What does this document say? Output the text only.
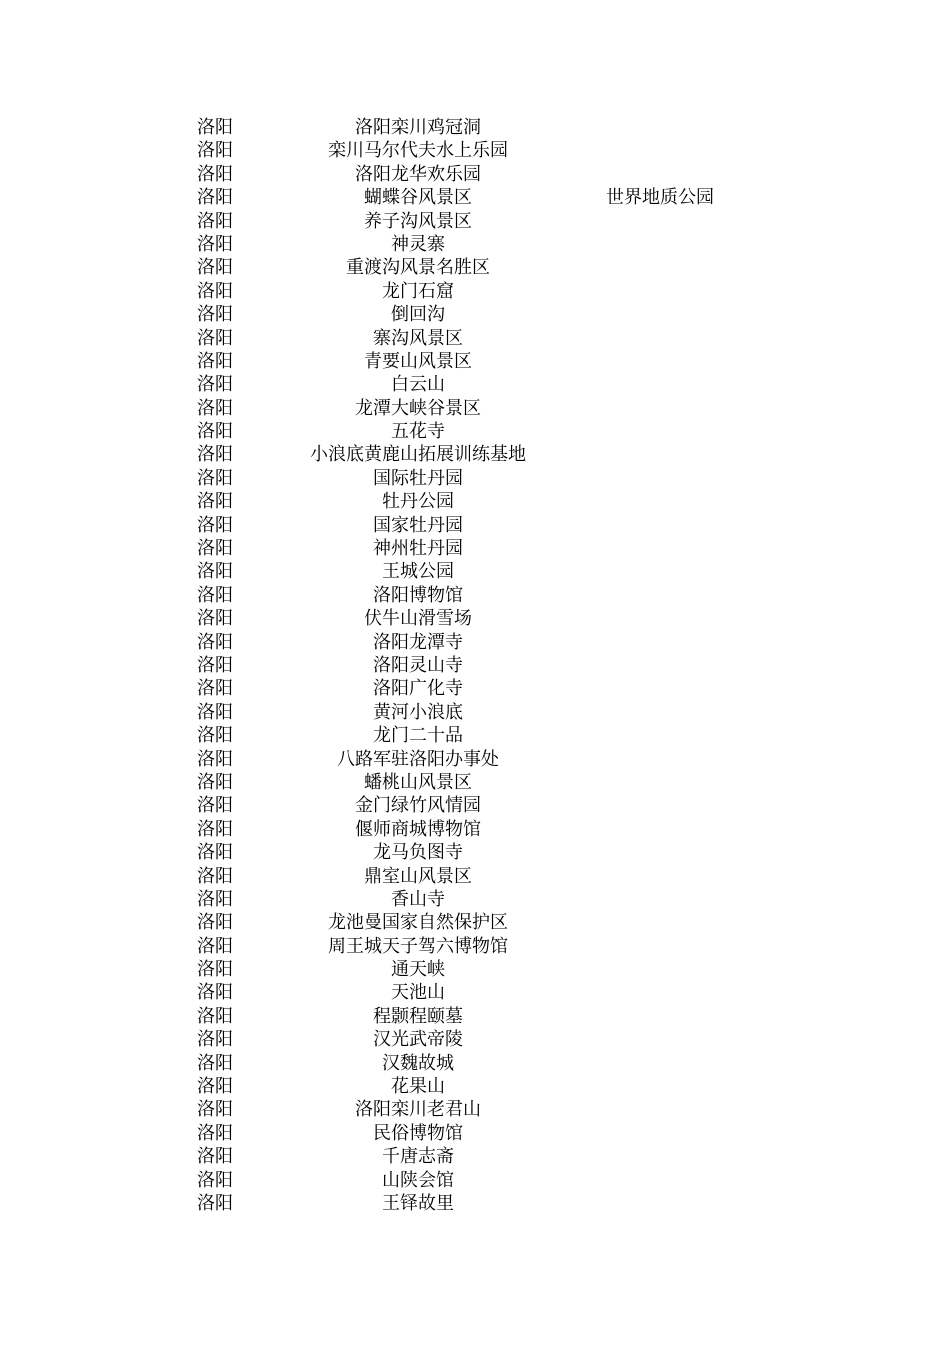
洛阳	洛阳栾川鸡冠洞
洛阳	栾川马尔代夫水上乐园
洛阳	洛阳龙华欢乐园
洛阳	蝴蝶谷风景区	世界地质公园
洛阳	养子沟风景区
洛阳	神灵寨
洛阳	重渡沟风景名胜区
洛阳	龙门石窟
洛阳	倒回沟
洛阳	寨沟风景区
洛阳	青要山风景区
洛阳	白云山
洛阳	龙潭大峡谷景区
洛阳	五花寺
洛阳	小浪底黄鹿山拓展训练基地
洛阳	国际牡丹园
洛阳	牡丹公园
洛阳	国家牡丹园
洛阳	神州牡丹园
洛阳	王城公园
洛阳	洛阳博物馆
洛阳	伏牛山滑雪场
洛阳	洛阳龙潭寺
洛阳	洛阳灵山寺
洛阳	洛阳广化寺
洛阳	黄河小浪底
洛阳	龙门二十品
洛阳	八路军驻洛阳办事处
洛阳	蟠桃山风景区
洛阳	金门绿竹风情园
洛阳	偃师商城博物馆
洛阳	龙马负图寺
洛阳	鼎室山风景区
洛阳	香山寺
洛阳	龙池曼国家自然保护区
洛阳	周王城天子驾六博物馆
洛阳	通天峡
洛阳	天池山
洛阳	程颢程颐墓
洛阳	汉光武帝陵
洛阳	汉魏故城
洛阳	花果山
洛阳	洛阳栾川老君山
洛阳	民俗博物馆
洛阳	千唐志斋
洛阳	山陕会馆
洛阳	王铎故里
